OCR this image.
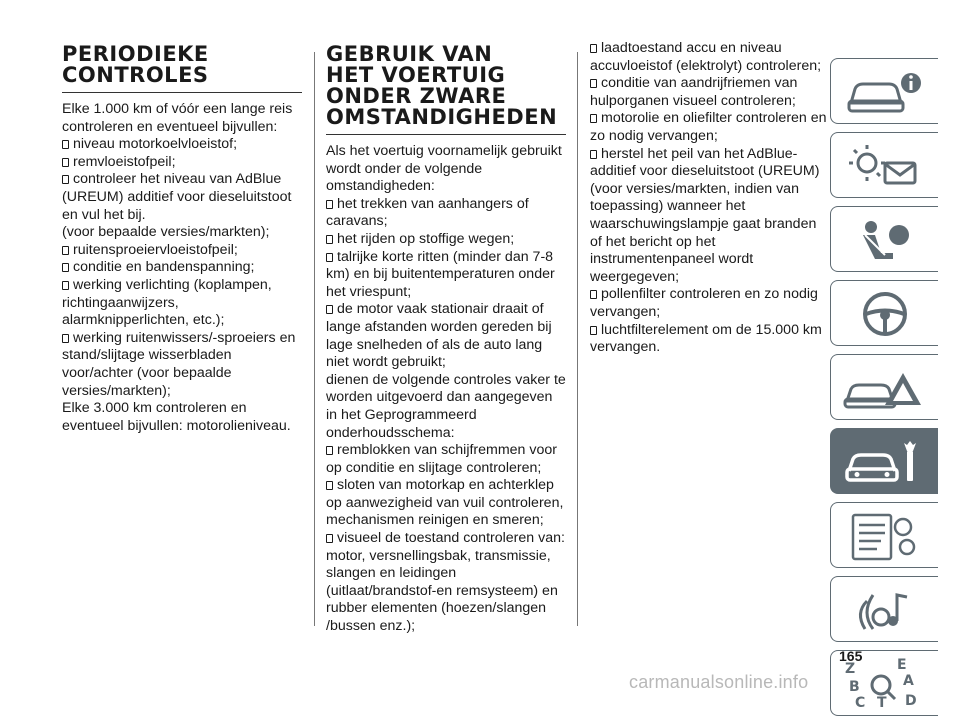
PERIODIEKE
CONTROLES

Elke 1.000 km of vóór een lange reis controleren en eventueel bijvullen:

niveau motorkoelvloeistof;

remvloeistofpeil;

controleer het niveau van AdBlue (UREUM) additief voor dieseluitstoot en vul het bij.

(voor bepaalde versies/markten);

ruitensproeiervloeistofpeil;

conditie en bandenspanning;

werking verlichting (koplampen, richtingaanwijzers, alarmknipperlichten, etc.);

werking ruitenwissers/-sproeiers en stand/slijtage wisserbladen voor/achter (voor bepaalde versies/markten);

Elke 3.000 km controleren en eventueel bijvullen: motorolieniveau.

GEBRUIK VAN
HET VOERTUIG
ONDER ZWARE
OMSTANDIGHEDEN

Als het voertuig voornamelijk gebruikt wordt onder de volgende omstandigheden:

het trekken van aanhangers of caravans;

het rijden op stoffige wegen;

talrijke korte ritten (minder dan 7-8 km) en bij buitentemperaturen onder het vriespunt;

de motor vaak stationair draait of lange afstanden worden gereden bij lage snelheden of als de auto lang niet wordt gebruikt;

dienen de volgende controles vaker te worden uitgevoerd dan aangegeven in het Geprogrammeerd onderhoudsschema:

remblokken van schijfremmen voor op conditie en slijtage controleren;

sloten van motorkap en achterklep op aanwezigheid van vuil controleren, mechanismen reinigen en smeren;

visueel de toestand controleren van: motor, versnellingsbak, transmissie, slangen en leidingen (uitlaat/brandstof-en remsysteem) en rubber elementen (hoezen/slangen /bussen enz.);

laadtoestand accu en niveau accuvloeistof (elektrolyt) controleren;

conditie van aandrijfriemen van hulporganen visueel controleren;

motorolie en oliefilter controleren en zo nodig vervangen;

herstel het peil van het AdBlue-additief voor dieseluitstoot (UREUM) (voor versies/markten, indien van toepassing) wanneer het waarschuwingslampje gaat branden of het bericht op het instrumentenpaneel wordt weergegeven;

pollenfilter controleren en zo nodig vervangen;

luchtfilterelement om de 15.000 km vervangen.

Z	E
A
B
C T D
165
carmanualsonline.info
